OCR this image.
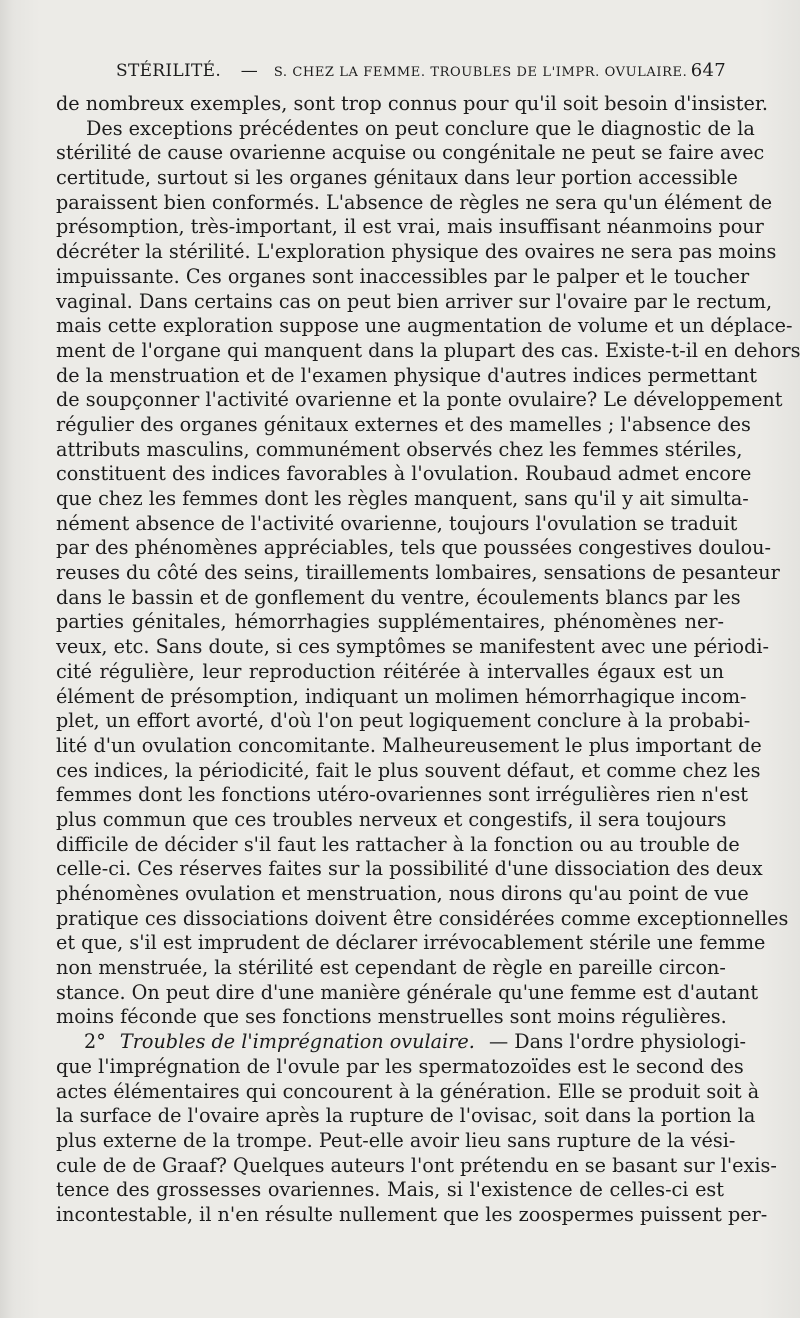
STÉRILITÉ. — S. CHEZ LA FEMME. TROUBLES DE L'IMPR. OVULAIRE. 647
de nombreux exemples, sont trop connus pour qu'il soit besoin d'insister.
Des exceptions précédentes on peut conclure que le diagnostic de la
stérilité de cause ovarienne acquise ou congénitale ne peut se faire avec
certitude, surtout si les organes génitaux dans leur portion accessible
paraissent bien conformés. L'absence de règles ne sera qu'un élément de
présomption, très-important, il est vrai, mais insuffisant néanmoins pour
décréter la stérilité. L'exploration physique des ovaires ne sera pas moins
impuissante. Ces organes sont inaccessibles par le palper et le toucher
vaginal. Dans certains cas on peut bien arriver sur l'ovaire par le rectum,
mais cette exploration suppose une augmentation de volume et un déplace-
ment de l'organe qui manquent dans la plupart des cas. Existe-t-il en dehors
de la menstruation et de l'examen physique d'autres indices permettant
de soupçonner l'activité ovarienne et la ponte ovulaire? Le développement
régulier des organes génitaux externes et des mamelles ; l'absence des
attributs masculins, communément observés chez les femmes stériles,
constituent des indices favorables à l'ovulation. Roubaud admet encore
que chez les femmes dont les règles manquent, sans qu'il y ait simulta-
nément absence de l'activité ovarienne, toujours l'ovulation se traduit
par des phénomènes appréciables, tels que poussées congestives doulou-
reuses du côté des seins, tiraillements lombaires, sensations de pesanteur
dans le bassin et de gonflement du ventre, écoulements blancs par les
parties génitales, hémorrhagies supplémentaires, phénomènes ner-
veux, etc. Sans doute, si ces symptômes se manifestent avec une périodi-
cité régulière, leur reproduction réitérée à intervalles égaux est un
élément de présomption, indiquant un molimen hémorrhagique incom-
plet, un effort avorté, d'où l'on peut logiquement conclure à la probabi-
lité d'un ovulation concomitante. Malheureusement le plus important de
ces indices, la périodicité, fait le plus souvent défaut, et comme chez les
femmes dont les fonctions utéro-ovariennes sont irrégulières rien n'est
plus commun que ces troubles nerveux et congestifs, il sera toujours
difficile de décider s'il faut les rattacher à la fonction ou au trouble de
celle-ci. Ces réserves faites sur la possibilité d'une dissociation des deux
phénomènes ovulation et menstruation, nous dirons qu'au point de vue
pratique ces dissociations doivent être considérées comme exceptionnelles
et que, s'il est imprudent de déclarer irrévocablement stérile une femme
non menstruée, la stérilité est cependant de règle en pareille circon-
stance. On peut dire d'une manière générale qu'une femme est d'autant
moins féconde que ses fonctions menstruelles sont moins régulières.
2° Troubles de l'imprégnation ovulaire. — Dans l'ordre physiologi-
que l'imprégnation de l'ovule par les spermatozoïdes est le second des
actes élémentaires qui concourent à la génération. Elle se produit soit à
la surface de l'ovaire après la rupture de l'ovisac, soit dans la portion la
plus externe de la trompe. Peut-elle avoir lieu sans rupture de la vési-
cule de de Graaf? Quelques auteurs l'ont prétendu en se basant sur l'exis-
tence des grossesses ovariennes. Mais, si l'existence de celles-ci est
incontestable, il n'en résulte nullement que les zoospermes puissent per-
